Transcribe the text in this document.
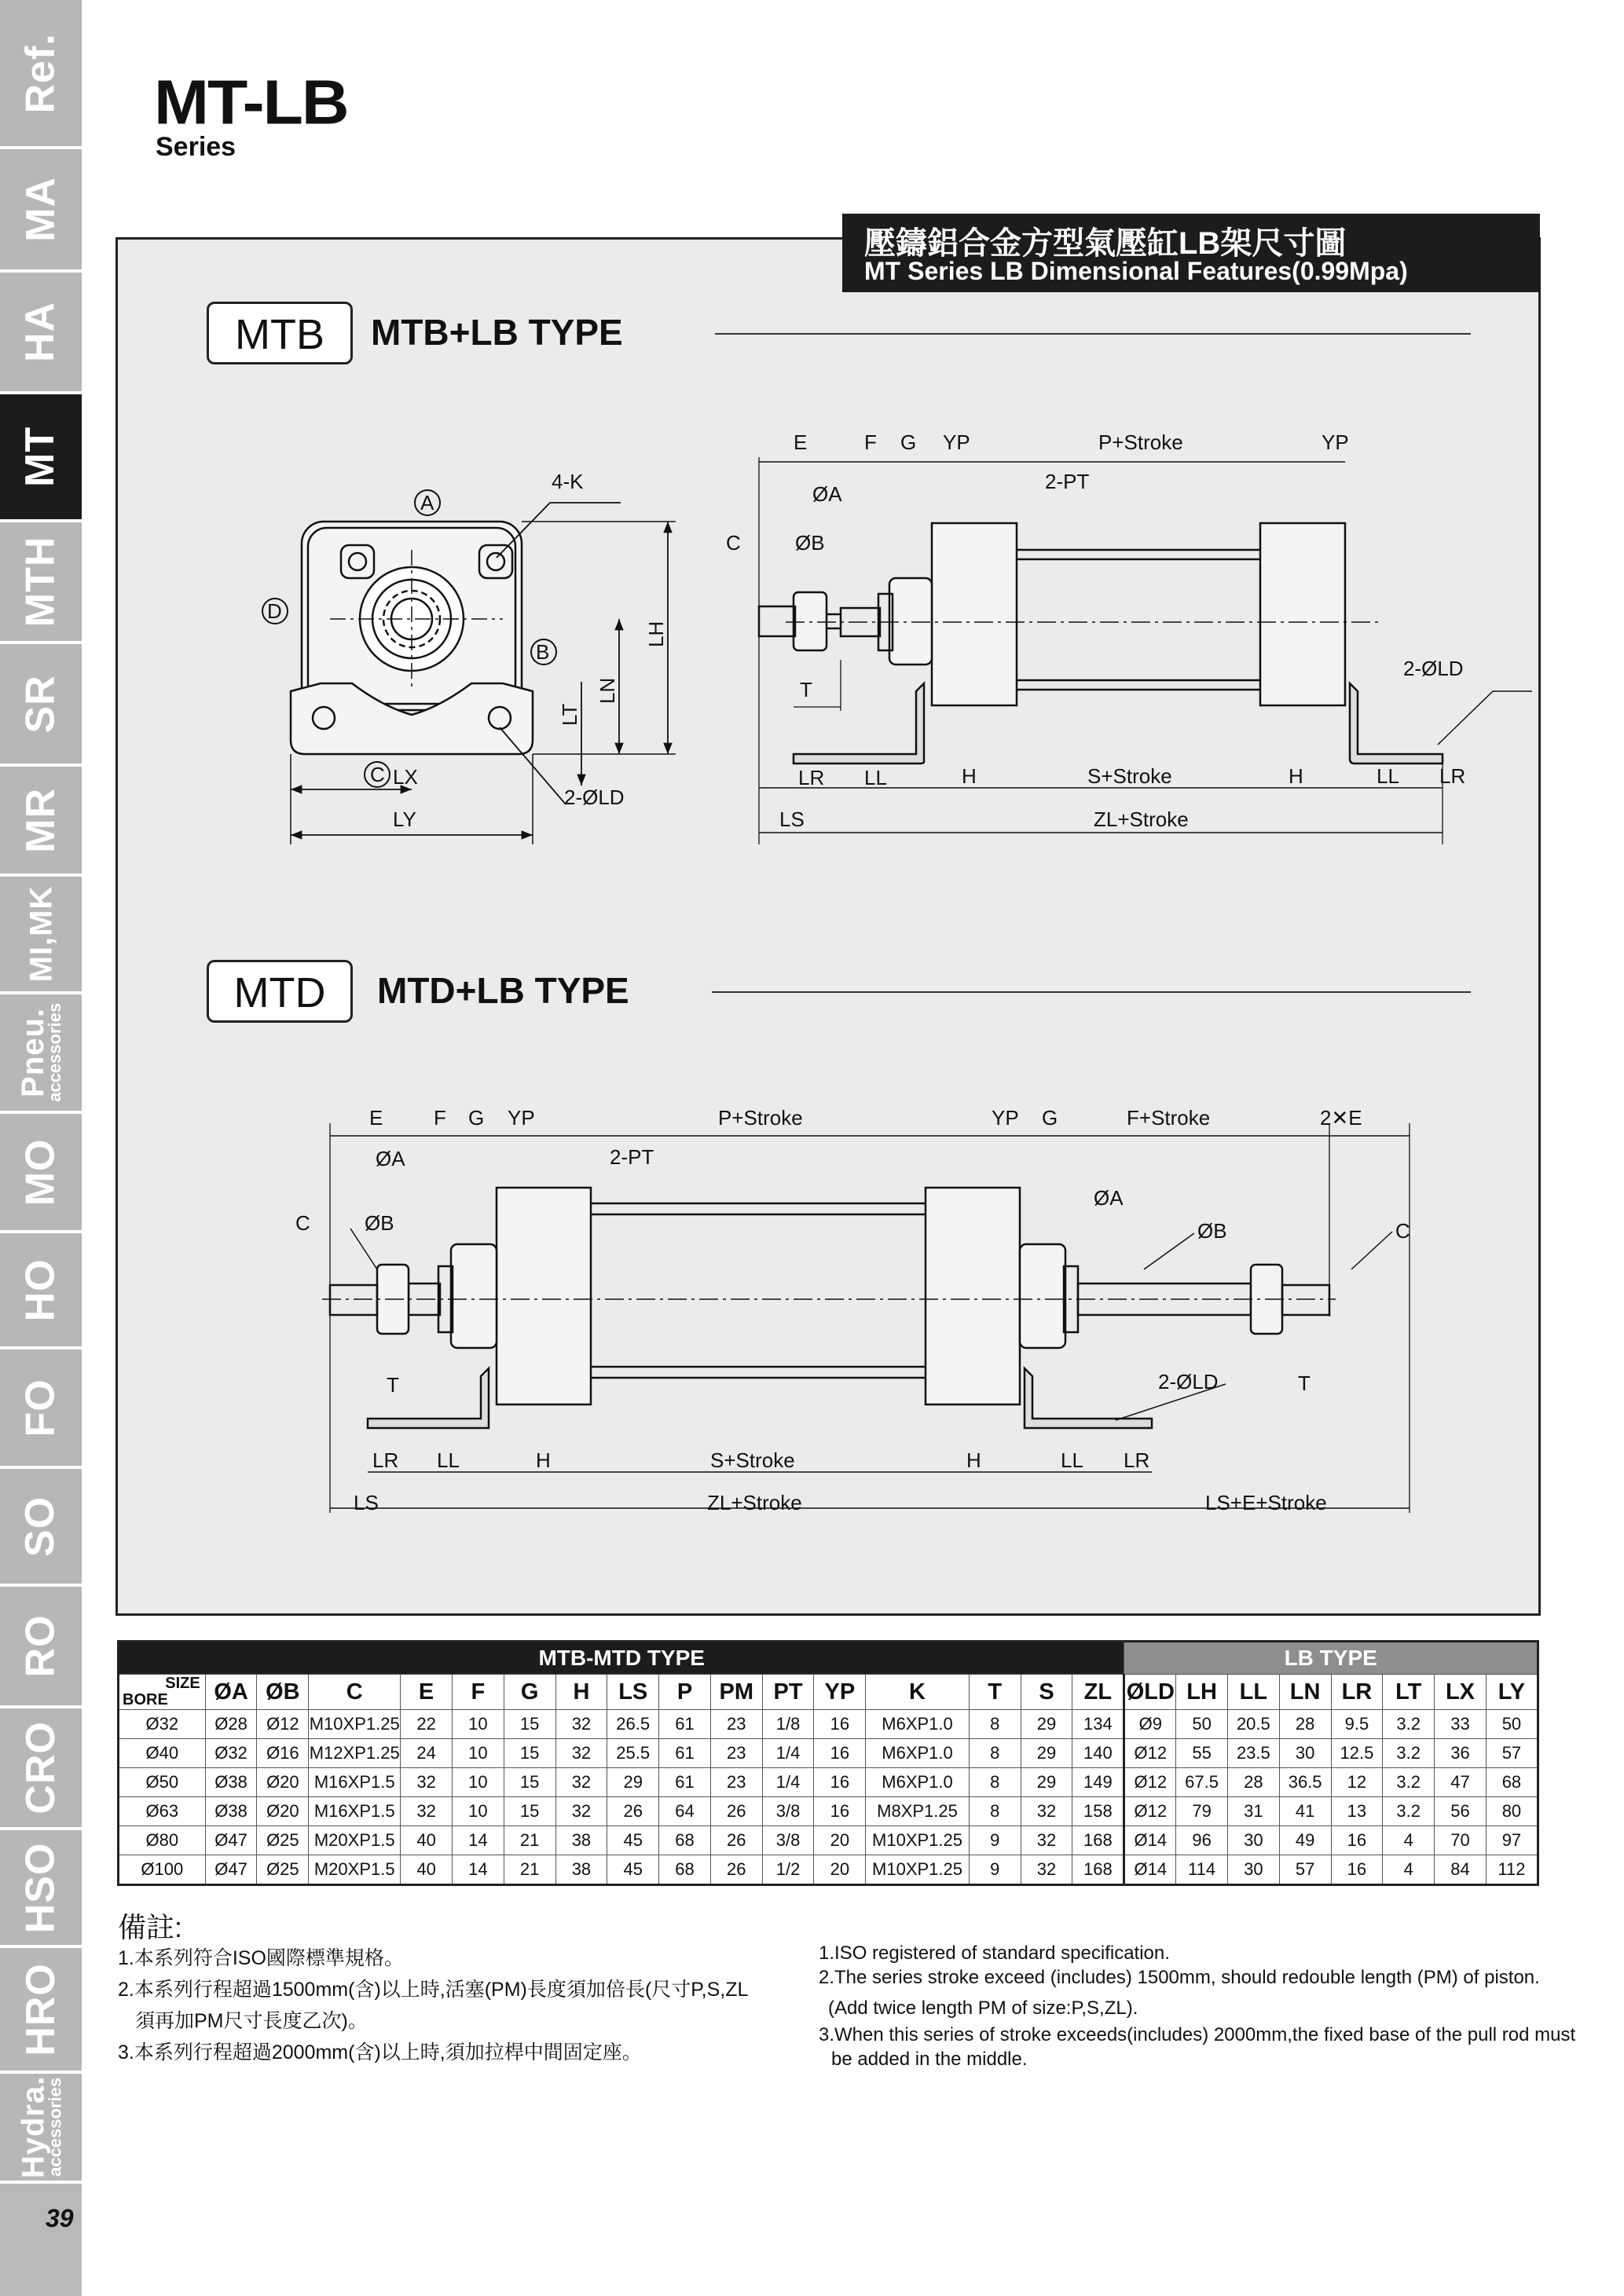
Ref.
MA
HA
MT
MTH
SR
MR
MI,MK
Pneu.
accessories
MO
HO
FO
SO
RO
CRO
HSO
HRO
Hydra.
accessories
39
MT-LB
Series
壓鑄鋁合金方型氣壓缸LB架尺寸圖
MT Series LB Dimensional Features(0.99Mpa)
MTB	MTB+LB TYPE
MTD	MTD+LB TYPE
4-K
A
D
B
C LX
LY
2-ØLD
LH
LN
LT
E	F G YP	P+Stroke	YP
2-PT
ØA
C	ØB
T
2-ØLD
LR LL	H	S+Stroke	H	LL LR
LS	ZL+Stroke
E F G YP	P+Stroke	YP G	F+Stroke	2✕E
ØA	2-PT
ØA
C	ØB	ØB	C
T	2-ØLD	T
LR LL	H	S+Stroke	H	LL LR
LS	ZL+Stroke	LS+E+Stroke
MTB-MTD TYPE																	LB TYPE							

SIZE
BORE	ØA	ØB	C	E	F	G	H	LS	P	PM	PT	YP	K	T	S	ZL	ØLD	LH	LL	LN	LR	LT	LX	LY
Ø32	Ø28	Ø12	M10XP1.25	22	10	15	32	26.5	61	23	1/8	16	M6XP1.0	8	29	134	Ø9	50	20.5	28	9.5	3.2	33	50
Ø40	Ø32	Ø16	M12XP1.25	24	10	15	32	25.5	61	23	1/4	16	M6XP1.0	8	29	140	Ø12	55	23.5	30	12.5	3.2	36	57
Ø50	Ø38	Ø20	M16XP1.5	32	10	15	32	29	61	23	1/4	16	M6XP1.0	8	29	149	Ø12	67.5	28	36.5	12	3.2	47	68
Ø63	Ø38	Ø20	M16XP1.5	32	10	15	32	26	64	26	3/8	16	M8XP1.25	8	32	158	Ø12	79	31	41	13	3.2	56	80
Ø80	Ø47	Ø25	M20XP1.5	40	14	21	38	45	68	26	3/8	20	M10XP1.25	9	32	168	Ø14	96	30	49	16	4	70	97
Ø100	Ø47	Ø25	M20XP1.5	40	14	21	38	45	68	26	1/2	20	M10XP1.25	9	32	168	Ø14	114	30	57	16	4	84	112
備註:
1.本系列符合ISO國際標準規格。
2.本系列行程超過1500mm(含)以上時,活塞(PM)長度須加倍長(尺寸P,S,ZL
須再加PM尺寸長度乙次)。
3.本系列行程超過2000mm(含)以上時,須加拉桿中間固定座。
1.ISO registered of standard specification.
2.The series stroke exceed (includes) 1500mm, should redouble length (PM) of piston.
(Add twice length PM of size:P,S,ZL).
3.When this series of stroke exceeds(includes) 2000mm,the fixed base of the pull rod must
be added in the middle.
